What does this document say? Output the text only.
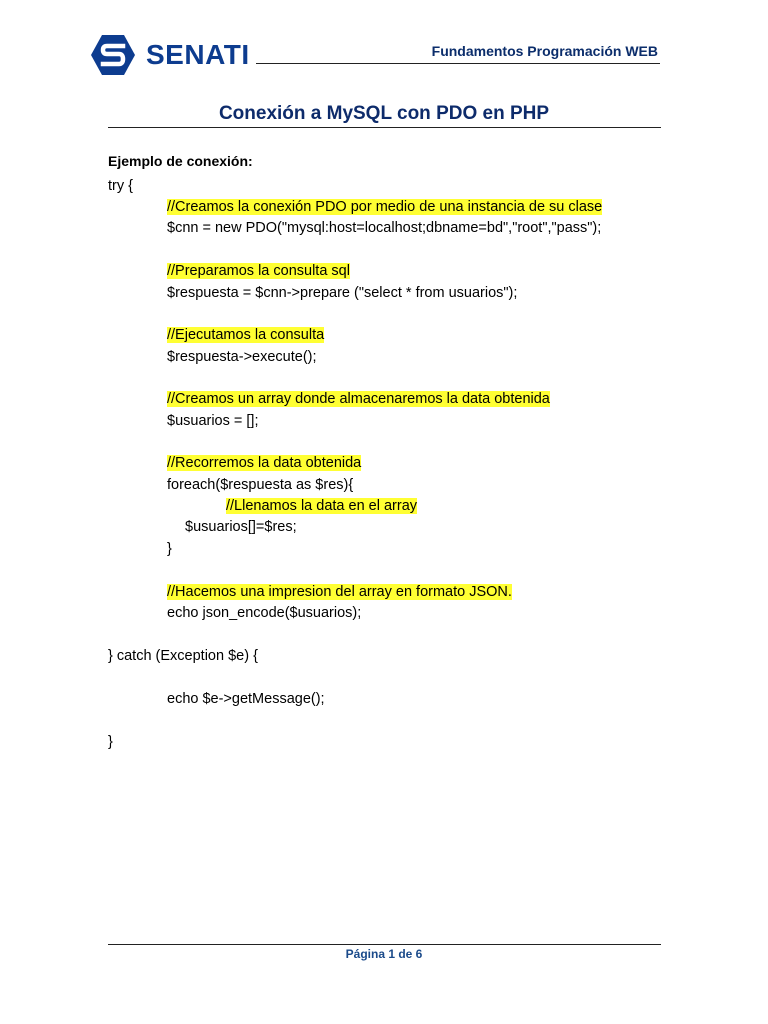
SENATI	Fundamentos Programación WEB
Conexión a MySQL con PDO en PHP
Ejemplo de conexión:
try {
//Creamos la conexión PDO por medio de una instancia de su clase
$cnn = new PDO("mysql:host=localhost;dbname=bd","root","pass");
//Preparamos la consulta sql
$respuesta = $cnn->prepare ("select * from usuarios");
//Ejecutamos la consulta
$respuesta->execute();
//Creamos un array donde almacenaremos la data obtenida
$usuarios = [];
//Recorremos la data obtenida
foreach($respuesta as $res){
//Llenamos la data en el array
$usuarios[]=$res;
}
//Hacemos una impresion del array en formato JSON.
echo json_encode($usuarios);
} catch (Exception $e) {
echo $e->getMessage();
}
Página 1 de 6
